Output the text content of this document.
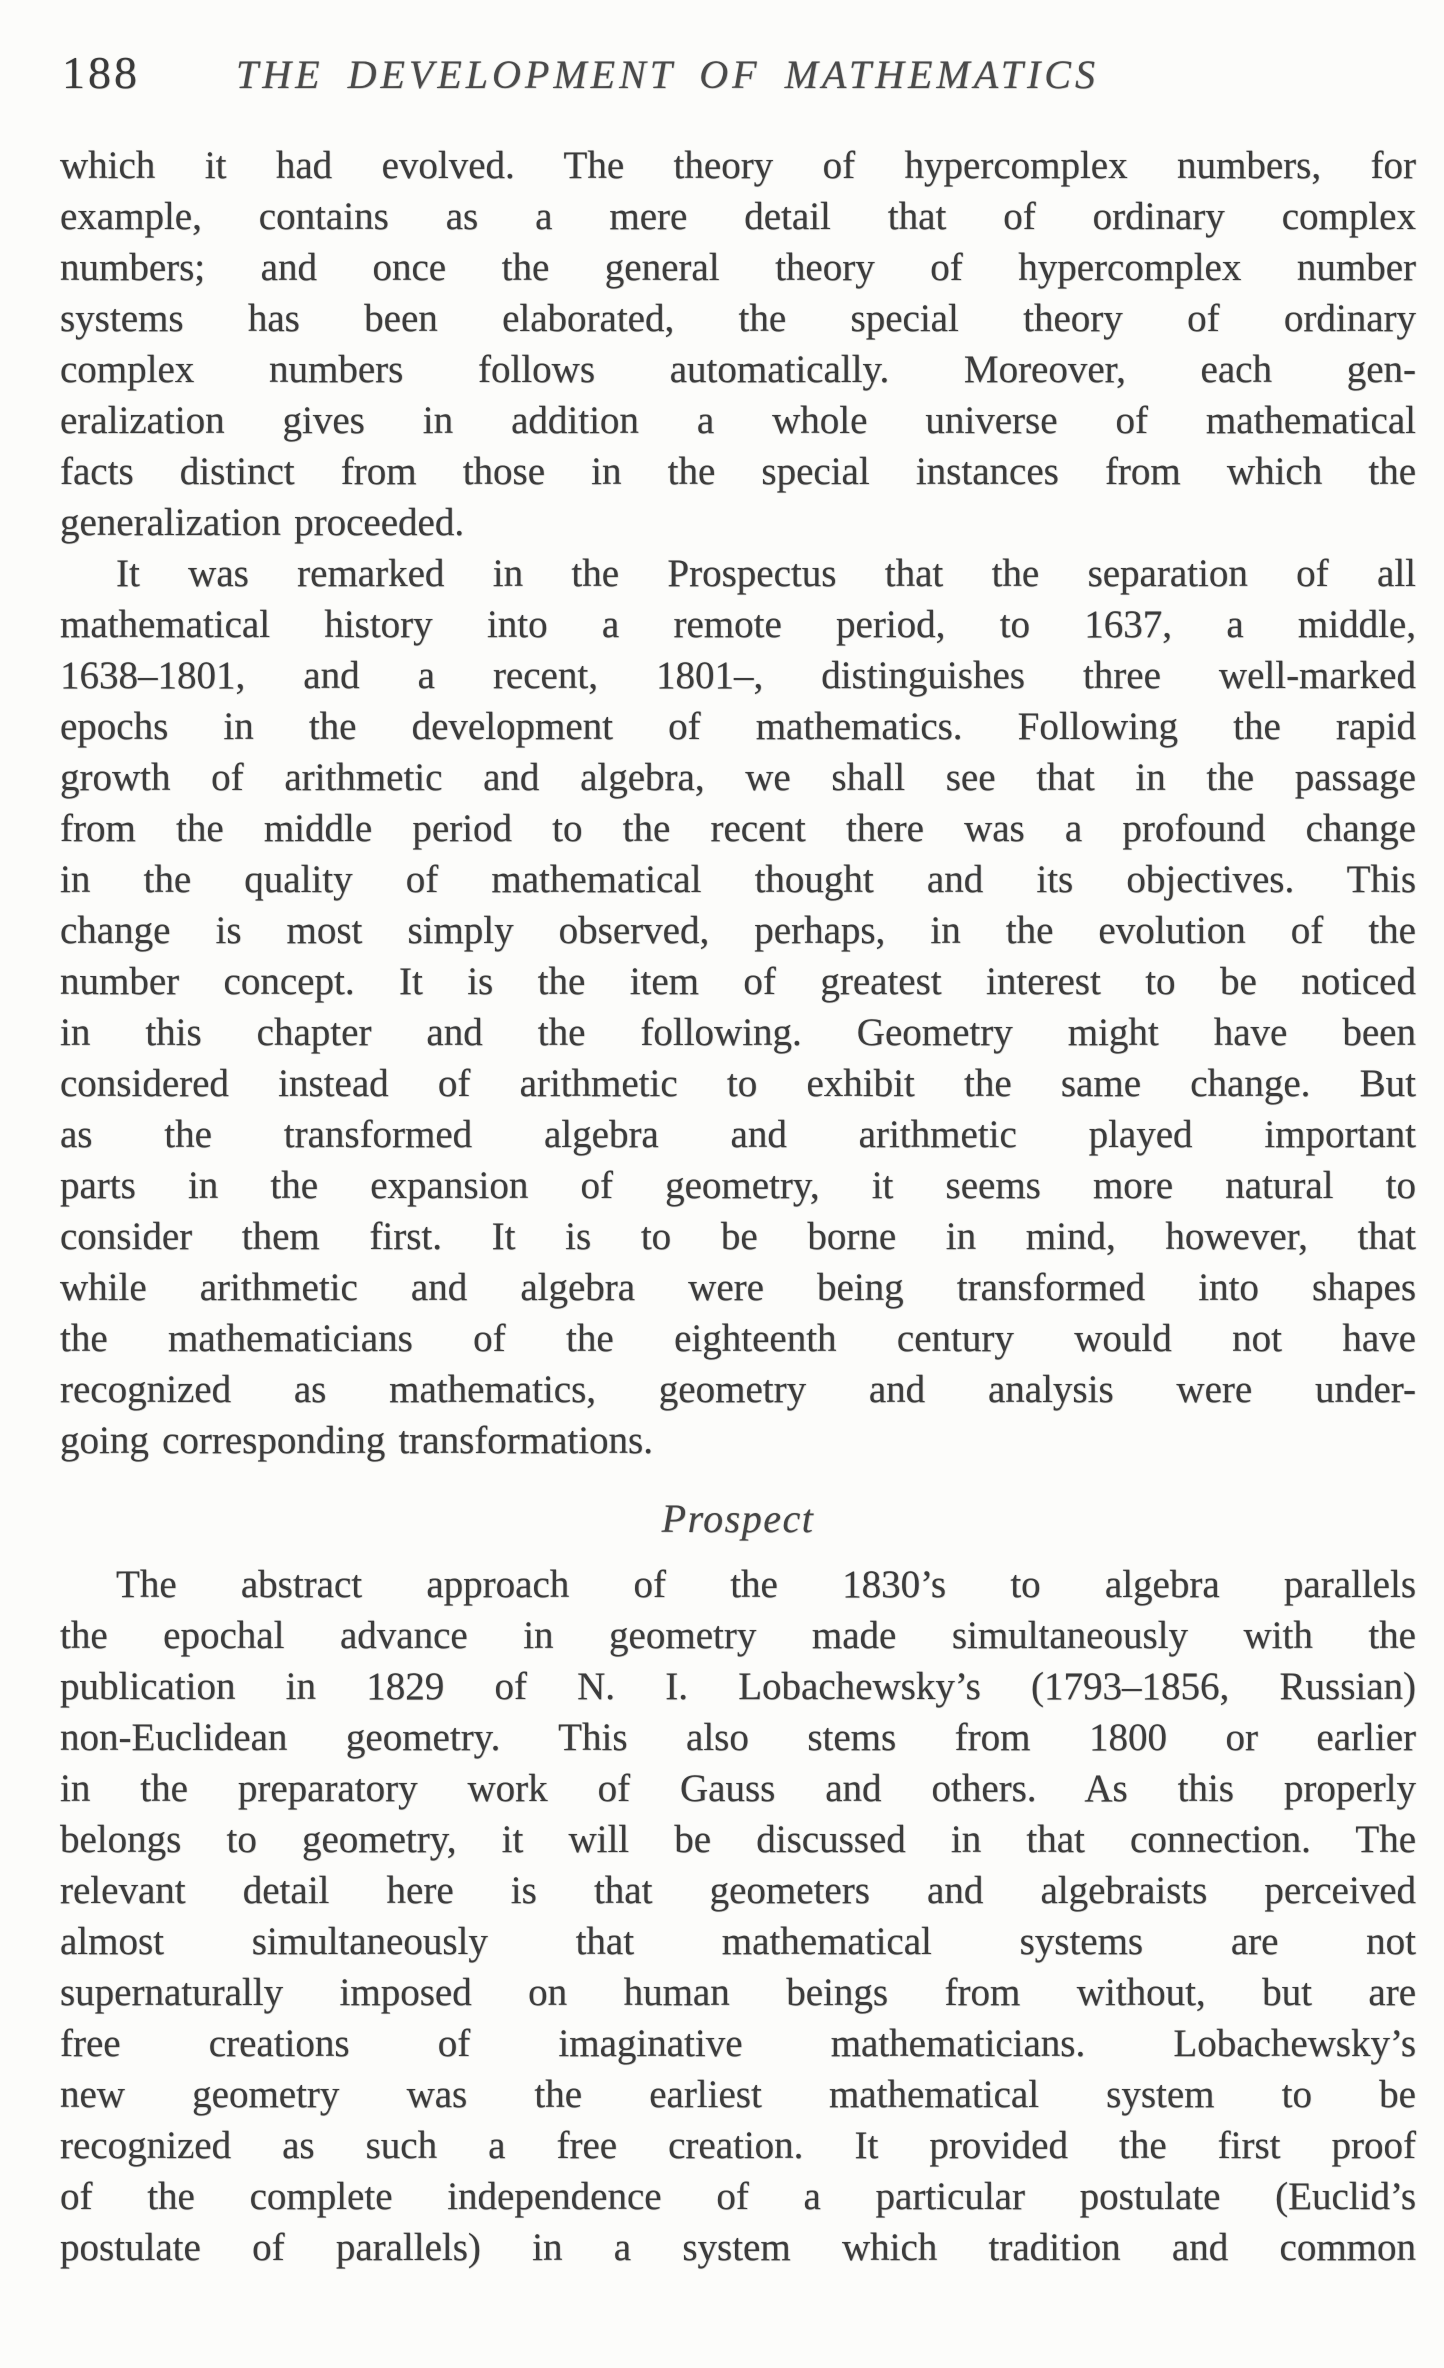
188 THE DEVELOPMENT OF MATHEMATICS
which it had evolved. The theory of hypercomplex numbers, for
example, contains as a mere detail that of ordinary complex
numbers; and once the general theory of hypercomplex number
systems has been elaborated, the special theory of ordinary
complex numbers follows automatically. Moreover, each gen-
eralization gives in addition a whole universe of mathematical
facts distinct from those in the special instances from which the
generalization proceeded.
It was remarked in the Prospectus that the separation of all
mathematical history into a remote period, to 1637, a middle,
1638–1801, and a recent, 1801–, distinguishes three well-marked
epochs in the development of mathematics. Following the rapid
growth of arithmetic and algebra, we shall see that in the passage
from the middle period to the recent there was a profound change
in the quality of mathematical thought and its objectives. This
change is most simply observed, perhaps, in the evolution of the
number concept. It is the item of greatest interest to be noticed
in this chapter and the following. Geometry might have been
considered instead of arithmetic to exhibit the same change. But
as the transformed algebra and arithmetic played important
parts in the expansion of geometry, it seems more natural to
consider them first. It is to be borne in mind, however, that
while arithmetic and algebra were being transformed into shapes
the mathematicians of the eighteenth century would not have
recognized as mathematics, geometry and analysis were under-
going corresponding transformations.
Prospect
The abstract approach of the 1830’s to algebra parallels
the epochal advance in geometry made simultaneously with the
publication in 1829 of N. I. Lobachewsky’s (1793–1856, Russian)
non-Euclidean geometry. This also stems from 1800 or earlier
in the preparatory work of Gauss and others. As this properly
belongs to geometry, it will be discussed in that connection. The
relevant detail here is that geometers and algebraists perceived
almost simultaneously that mathematical systems are not
supernaturally imposed on human beings from without, but are
free creations of imaginative mathematicians. Lobachewsky’s
new geometry was the earliest mathematical system to be
recognized as such a free creation. It provided the first proof
of the complete independence of a particular postulate (Euclid’s
postulate of parallels) in a system which tradition and common
